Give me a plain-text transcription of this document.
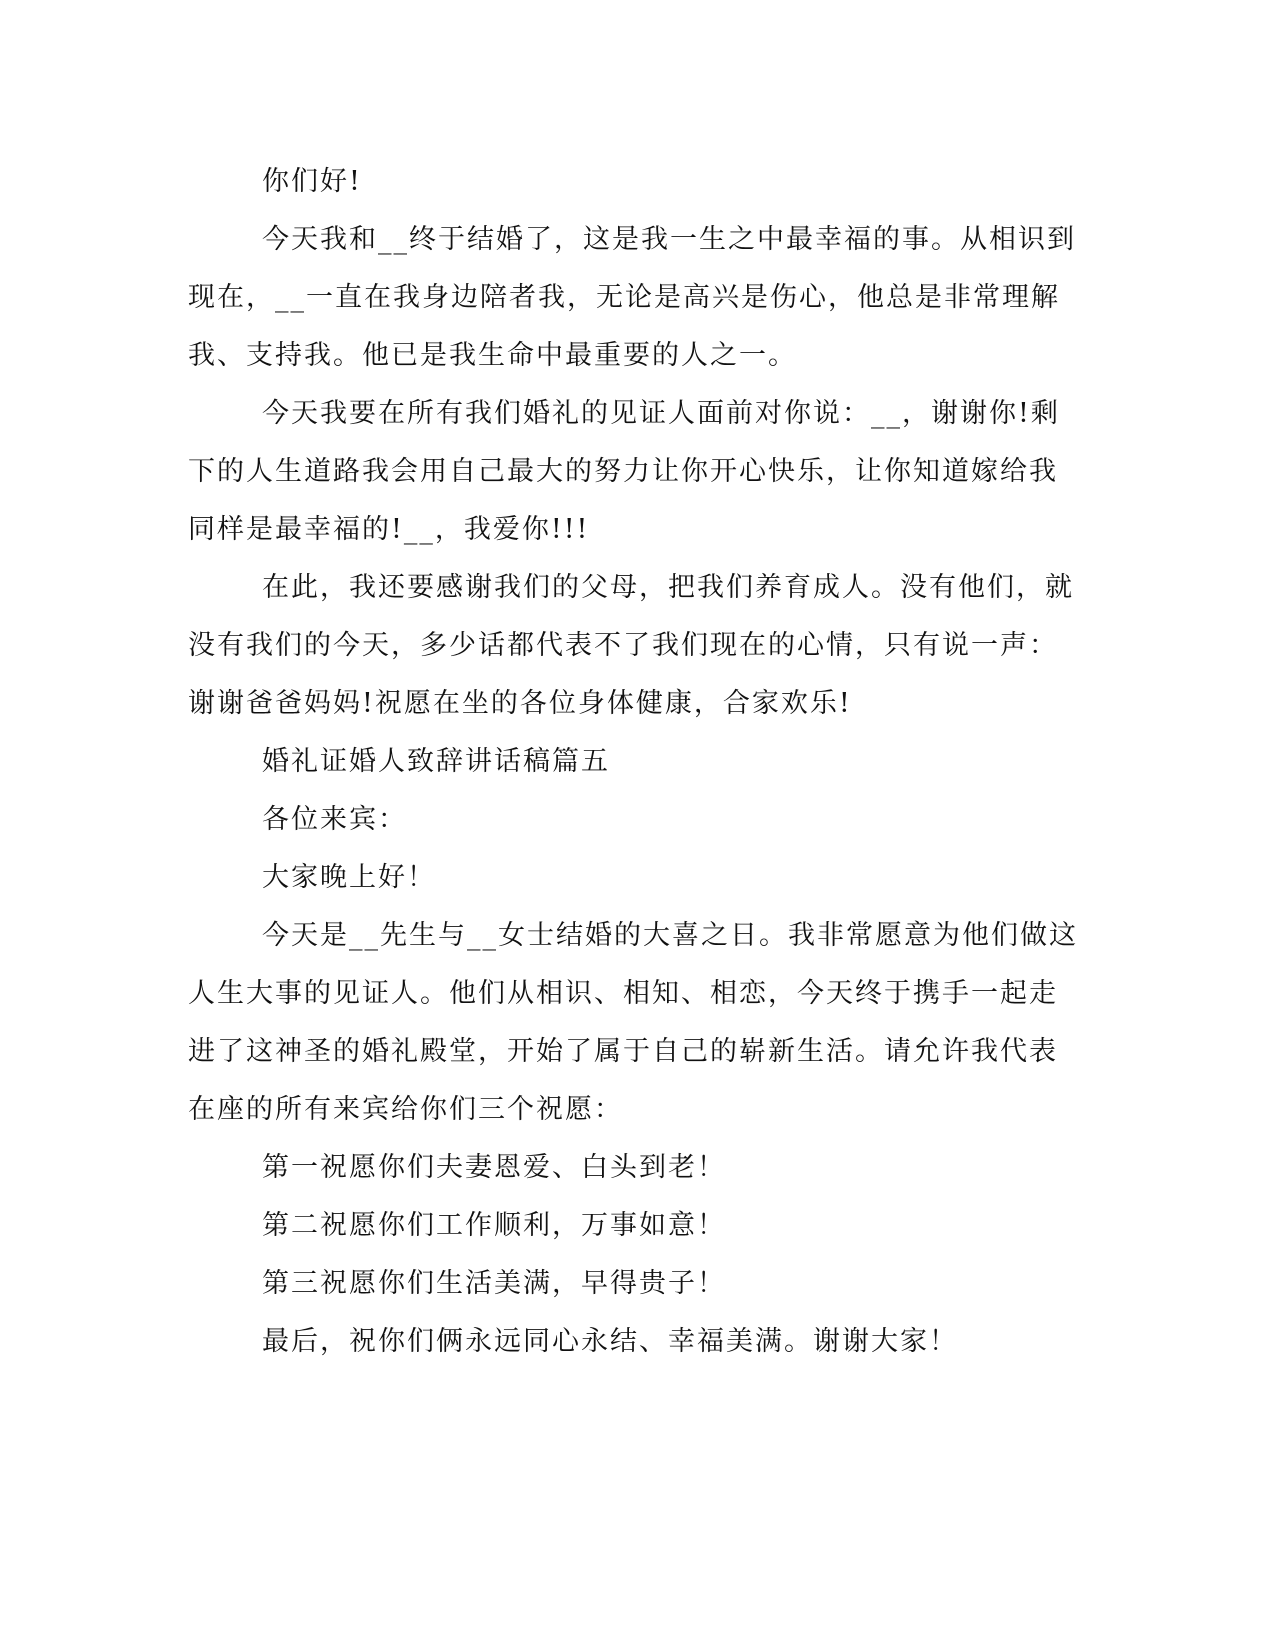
你们好!
今天我和__终于结婚了，这是我一生之中最幸福的事。从相识到
现在，__一直在我身边陪者我，无论是高兴是伤心，他总是非常理解
我、支持我。他已是我生命中最重要的人之一。
今天我要在所有我们婚礼的见证人面前对你说：__，谢谢你!剩
下的人生道路我会用自己最大的努力让你开心快乐，让你知道嫁给我
同样是最幸福的!__，我爱你!!!
在此，我还要感谢我们的父母，把我们养育成人。没有他们，就
没有我们的今天，多少话都代表不了我们现在的心情，只有说一声：
谢谢爸爸妈妈!祝愿在坐的各位身体健康，合家欢乐!
婚礼证婚人致辞讲话稿篇五
各位来宾：
大家晚上好！
今天是__先生与__女士结婚的大喜之日。我非常愿意为他们做这
人生大事的见证人。他们从相识、相知、相恋，今天终于携手一起走
进了这神圣的婚礼殿堂，开始了属于自己的崭新生活。请允许我代表
在座的所有来宾给你们三个祝愿：
第一祝愿你们夫妻恩爱、白头到老！
第二祝愿你们工作顺利，万事如意！
第三祝愿你们生活美满，早得贵子！
最后，祝你们俩永远同心永结、幸福美满。谢谢大家！
